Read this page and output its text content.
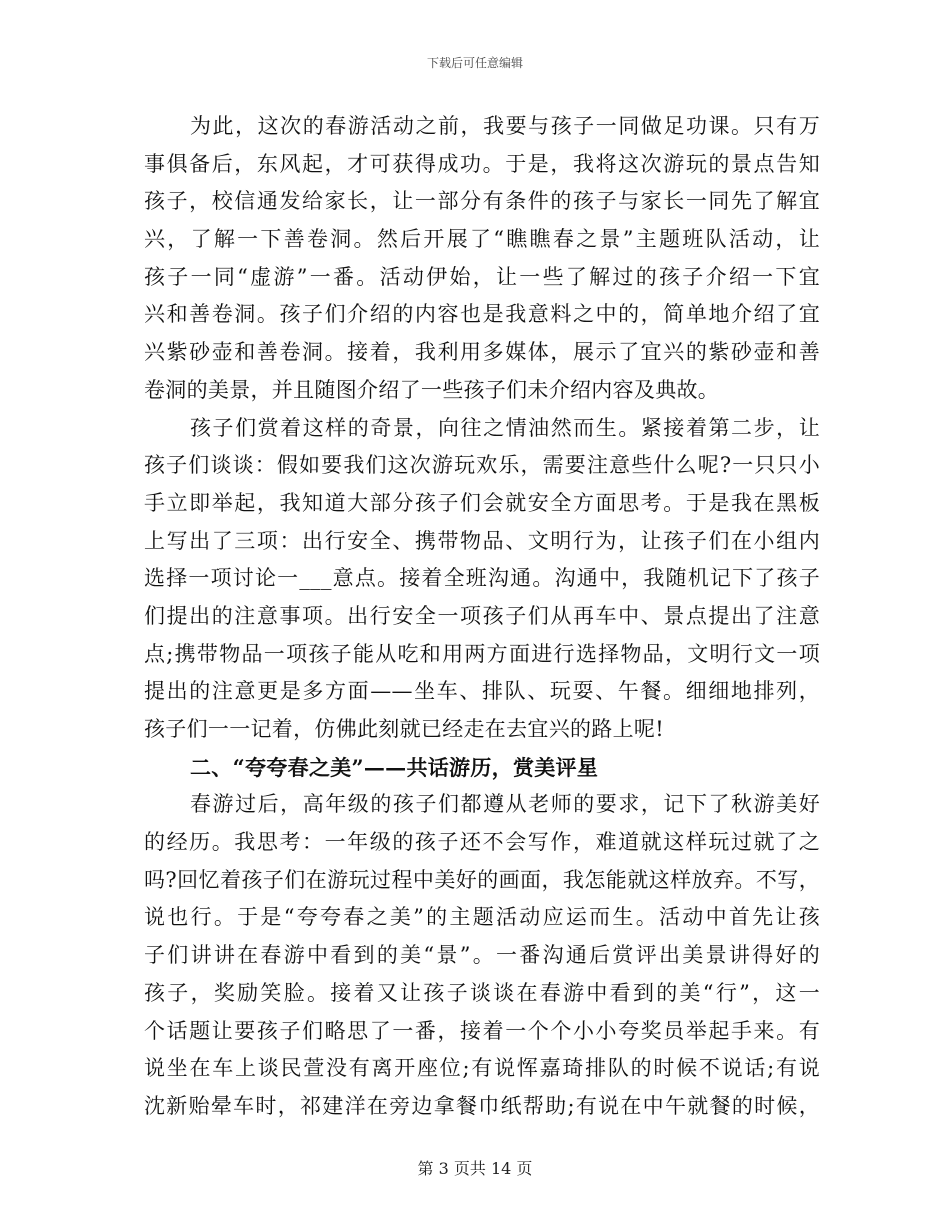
下载后可任意编辑
为此，这次的春游活动之前，我要与孩子一同做足功课。只有万
事俱备后，东风起，才可获得成功。于是，我将这次游玩的景点告知
孩子，校信通发给家长，让一部分有条件的孩子与家长一同先了解宜
兴，了解一下善卷洞。然后开展了“瞧瞧春之景”主题班队活动，让
孩子一同“虚游”一番。活动伊始，让一些了解过的孩子介绍一下宜
兴和善卷洞。孩子们介绍的内容也是我意料之中的，简单地介绍了宜
兴紫砂壶和善卷洞。接着，我利用多媒体，展示了宜兴的紫砂壶和善
卷洞的美景，并且随图介绍了一些孩子们未介绍内容及典故。
孩子们赏着这样的奇景，向往之情油然而生。紧接着第二步，让
孩子们谈谈：假如要我们这次游玩欢乐，需要注意些什么呢?一只只小
手立即举起，我知道大部分孩子们会就安全方面思考。于是我在黑板
上写出了三项：出行安全、携带物品、文明行为，让孩子们在小组内
选择一项讨论一___意点。接着全班沟通。沟通中，我随机记下了孩子
们提出的注意事项。出行安全一项孩子们从再车中、景点提出了注意
点;携带物品一项孩子能从吃和用两方面进行选择物品，文明行文一项
提出的注意更是多方面——坐车、排队、玩耍、午餐。细细地排列，
孩子们一一记着，仿佛此刻就已经走在去宜兴的路上呢!
二、“夸夸春之美”——共话游历，赏美评星
春游过后，高年级的孩子们都遵从老师的要求，记下了秋游美好
的经历。我思考：一年级的孩子还不会写作，难道就这样玩过就了之
吗?回忆着孩子们在游玩过程中美好的画面，我怎能就这样放弃。不写，
说也行。于是“夸夸春之美”的主题活动应运而生。活动中首先让孩
子们讲讲在春游中看到的美“景”。一番沟通后赏评出美景讲得好的
孩子，奖励笑脸。接着又让孩子谈谈在春游中看到的美“行”，这一
个话题让要孩子们略思了一番，接着一个个小小夸奖员举起手来。有
说坐在车上谈民萱没有离开座位;有说恽嘉琦排队的时候不说话;有说
沈新贻晕车时，祁建洋在旁边拿餐巾纸帮助;有说在中午就餐的时候，
第 3 页共 14 页
